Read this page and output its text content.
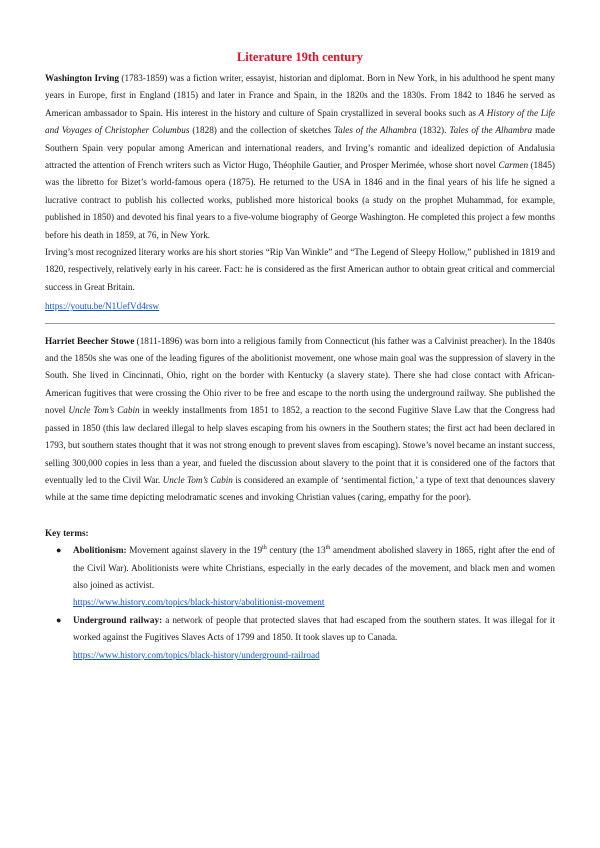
Literature 19th century

Washington Irving (1783-1859) was a fiction writer, essayist, historian and diplomat. Born in New York, in his adulthood he spent many years in Europe, first in England (1815) and later in France and Spain, in the 1820s and the 1830s. From 1842 to 1846 he served as American ambassador to Spain. His interest in the history and culture of Spain crystallized in several books such as A History of the Life and Voyages of Christopher Columbus (1828) and the collection of sketches Tales of the Alhambra (1832). Tales of the Alhambra made Southern Spain very popular among American and international readers, and Irving’s romantic and idealized depiction of Andalusia attracted the attention of French writers such as Victor Hugo, Théophile Gautier, and Prosper Merimée, whose short novel Carmen (1845) was the libretto for Bizet’s world-famous opera (1875). He returned to the USA in 1846 and in the final years of his life he signed a lucrative contract to publish his collected works, published more historical books (a study on the prophet Muhammad, for example, published in 1850) and devoted his final years to a five-volume biography of George Washington. He completed this project a few months before his death in 1859, at 76, in New York.

Irving’s most recognized literary works are his short stories “Rip Van Winkle” and “The Legend of Sleepy Hollow,” published in 1819 and 1820, respectively, relatively early in his career. Fact: he is considered as the first American author to obtain great critical and commercial success in Great Britain.

https://youtu.be/N1UefVd4rsw

Harriet Beecher Stowe (1811-1896) was born into a religious family from Connecticut (his father was a Calvinist preacher). In the 1840s and the 1850s she was one of the leading figures of the abolitionist movement, one whose main goal was the suppression of slavery in the South. She lived in Cincinnati, Ohio, right on the border with Kentucky (a slavery state). There she had close contact with African-American fugitives that were crossing the Ohio river to be free and escape to the north using the underground railway. She published the novel Uncle Tom’s Cabin in weekly installments from 1851 to 1852, a reaction to the second Fugitive Slave Law that the Congress had passed in 1850 (this law declared illegal to help slaves escaping from his owners in the Southern states; the first act had been declared in 1793, but southern states thought that it was not strong enough to prevent slaves from escaping). Stowe’s novel became an instant success, selling 300,000 copies in less than a year, and fueled the discussion about slavery to the point that it is considered one of the factors that eventually led to the Civil War. Uncle Tom’s Cabin is considered an example of ‘sentimental fiction,’ a type of text that denounces slavery while at the same time depicting melodramatic scenes and invoking Christian values (caring, empathy for the poor).

Key terms:
● Abolitionism: Movement against slavery in the 19th century (the 13th amendment abolished slavery in 1865, right after the end of the Civil War). Abolitionists were white Christians, especially in the early decades of the movement, and black men and women also joined as activist.
https://www.history.com/topics/black-history/abolitionist-movement
● Underground railway: a network of people that protected slaves that had escaped from the southern states. It was illegal for it worked against the Fugitives Slaves Acts of 1799 and 1850. It took slaves up to Canada.
https://www.history.com/topics/black-history/underground-railroad
